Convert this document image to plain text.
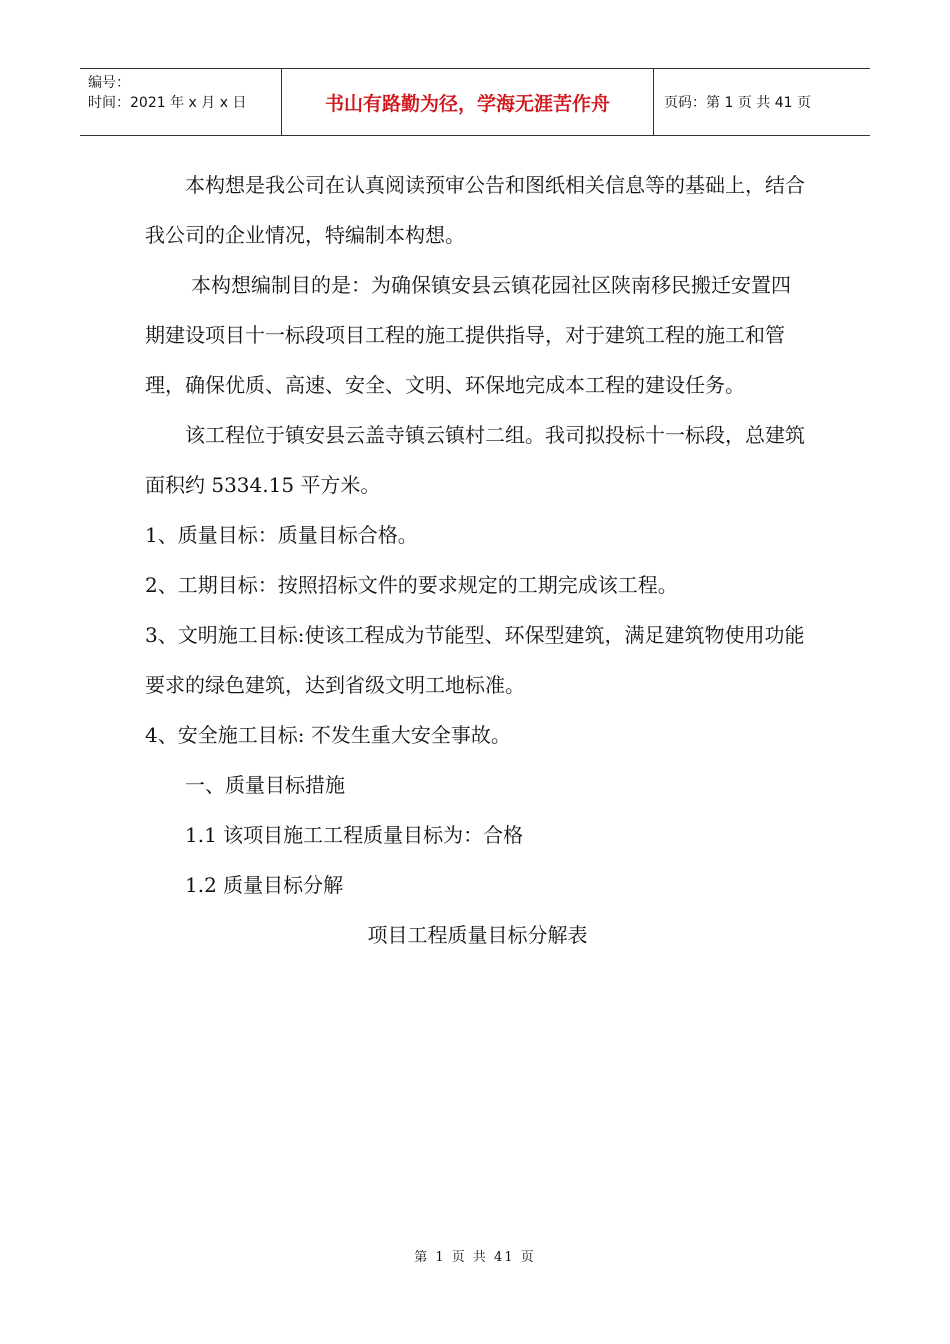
编号：
时间：2021 年 x 月 x 日	书山有路勤为径，学海无涯苦作舟	页码：第 1 页 共 41 页

本构想是我公司在认真阅读预审公告和图纸相关信息等的基础上，结合我公司的企业情况，特编制本构想。

本构想编制目的是：为确保镇安县云镇花园社区陕南移民搬迁安置四期建设项目十一标段项目工程的施工提供指导，对于建筑工程的施工和管理，确保优质、高速、安全、文明、环保地完成本工程的建设任务。

该工程位于镇安县云盖寺镇云镇村二组。我司拟投标十一标段，总建筑面积约 5334.15 平方米。

1、质量目标：质量目标合格。

2、工期目标：按照招标文件的要求规定的工期完成该工程。

3、文明施工目标:使该工程成为节能型、环保型建筑，满足建筑物使用功能要求的绿色建筑，达到省级文明工地标准。

4、安全施工目标: 不发生重大安全事故。

一、质量目标措施

1.1 该项目施工工程质量目标为：合格

1.2 质量目标分解

项目工程质量目标分解表

第 1 页 共 41 页
